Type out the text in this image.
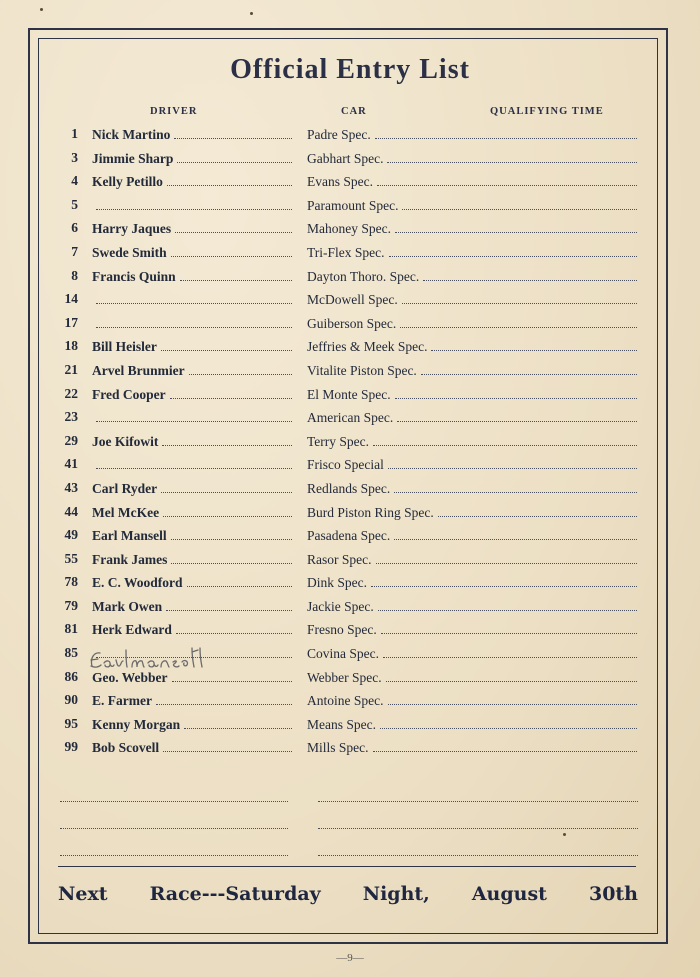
Official Entry List
DRIVER	CAR	QUALIFYING TIME
1 Nick Martino	Padre Spec.
3 Jimmie Sharp	Gabhart Spec.
4 Kelly Petillo	Evans Spec.
5	Paramount Spec.
6 Harry Jaques	Mahoney Spec.
7 Swede Smith	Tri-Flex Spec.
8 Francis Quinn	Dayton Thoro. Spec.
14	McDowell Spec.
17	Guiberson Spec.
18 Bill Heisler	Jeffries & Meek Spec.
21 Arvel Brunmier	Vitalite Piston Spec.
22 Fred Cooper	El Monte Spec.
23	American Spec.
29 Joe Kifowit	Terry Spec.
41	Frisco Special
43 Carl Ryder	Redlands Spec.
44 Mel McKee	Burd Piston Ring Spec.
49 Earl Mansell	Pasadena Spec.
55 Frank James	Rasor Spec.
78 E. C. Woodford	Dink Spec.
79 Mark Owen	Jackie Spec.
81 Herk Edward	Fresno Spec.
85	Covina Spec.
86 Geo. Webber	Webber Spec.
90 E. Farmer	Antoine Spec.
95 Kenny Morgan	Means Spec.
99 Bob Scovell	Mills Spec.
Next Race---Saturday Night, August 30th
—9—
